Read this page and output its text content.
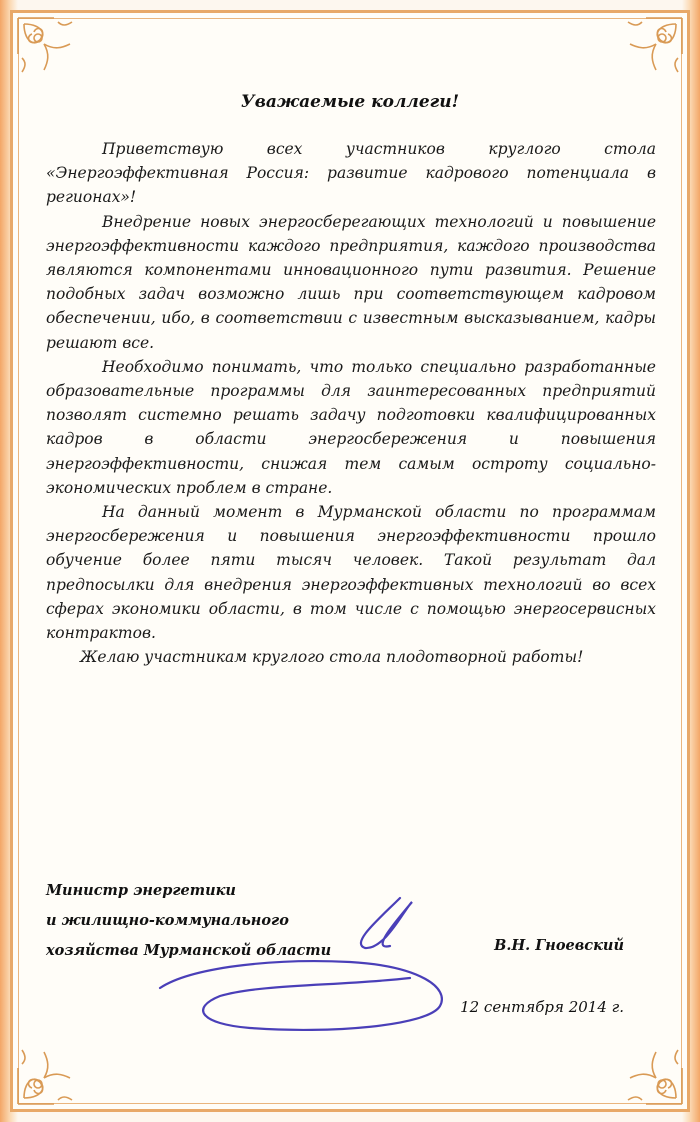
Уважаемые коллеги!

Приветствую всех участников круглого стола «Энергоэффективная Россия: развитие кадрового потенциала в регионах»!

Внедрение новых энергосберегающих технологий и повышение энергоэффективности каждого предприятия, каждого производства являются компонентами инновационного пути развития. Решение подобных задач возможно лишь при соответствующем кадровом обеспечении, ибо, в соответствии с известным высказыванием, кадры решают все.

Необходимо понимать, что только специально разработанные образовательные программы для заинтересованных предприятий позволят системно решать задачу подготовки квалифицированных кадров в области энергосбережения и повышения энергоэффективности, снижая тем самым остроту социально-экономических проблем в стране.

На данный момент в Мурманской области по программам энергосбережения и повышения энергоэффективности прошло обучение более пяти тысяч человек. Такой результат дал предпосылки для внедрения энергоэффективных технологий во всех сферах экономики области, в том числе с помощью энергосервисных контрактов.

Желаю участникам круглого стола плодотворной работы!

Министр энергетики
и жилищно-коммунального
хозяйства Мурманской области	В.Н. Гноевский
12 сентября 2014 г.
